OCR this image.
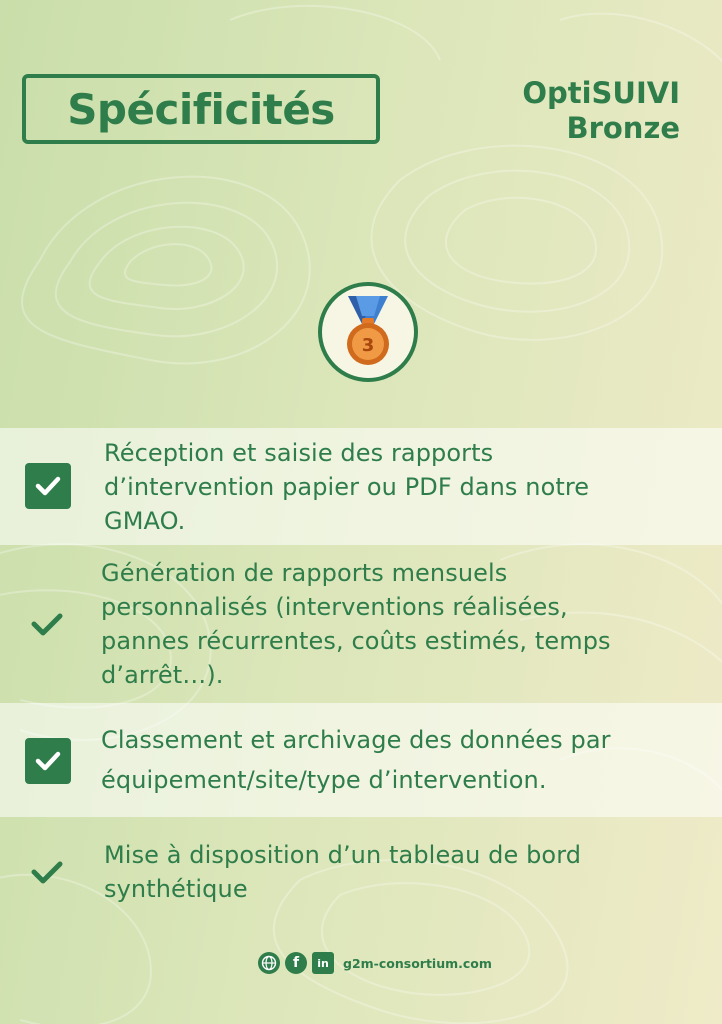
Spécificités	OptiSUIVI
Bronze
3
Réception et saisie des rapports d’intervention papier ou PDF dans notre GMAO.
Génération de rapports mensuels personnalisés (interventions réalisées, pannes récurrentes, coûts estimés, temps d’arrêt…).
Classement et archivage des données par équipement/site/type d’intervention.
Mise à disposition d’un tableau de bord synthétique
f in g2m-consortium.com
